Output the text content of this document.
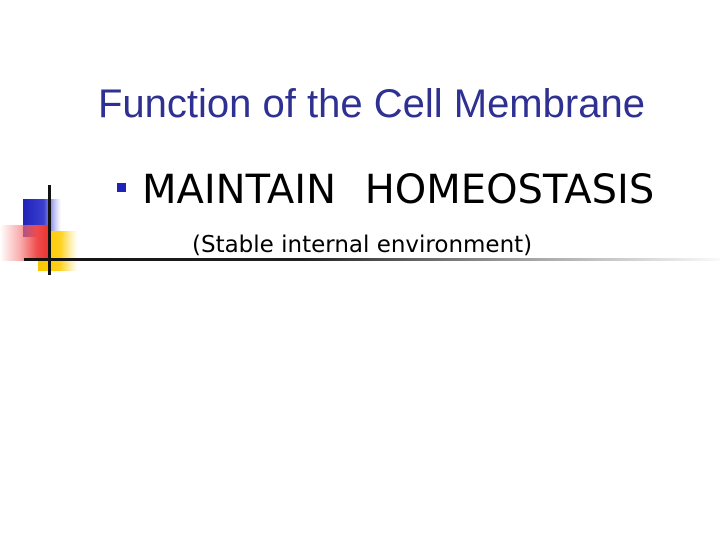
Function of the Cell Membrane
MAINTAIN HOMEOSTASIS
(Stable internal environment)
